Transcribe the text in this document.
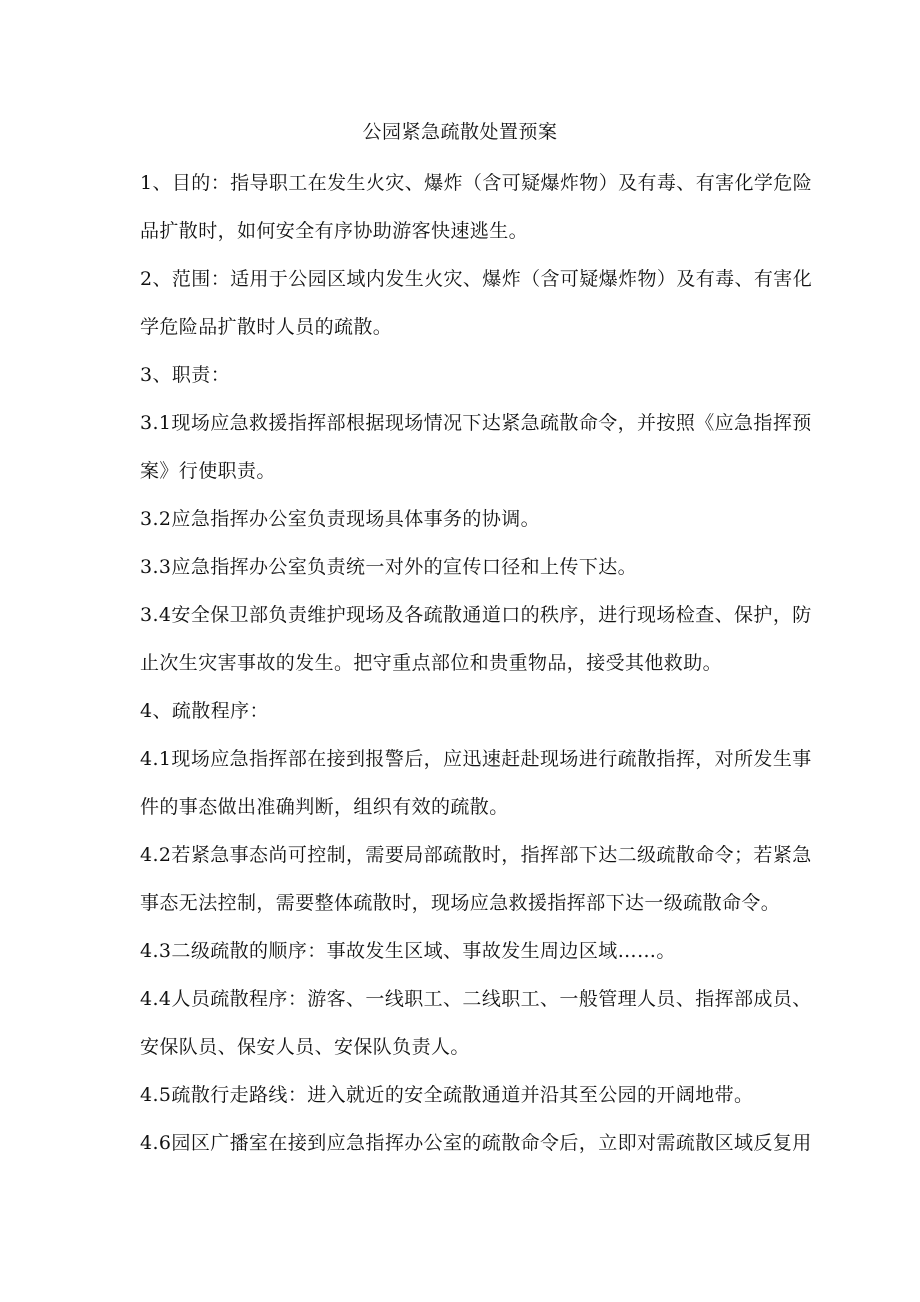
公园紧急疏散处置预案
1、目的：指导职工在发生火灾、爆炸（含可疑爆炸物）及有毒、有害化学危险
品扩散时，如何安全有序协助游客快速逃生。
2、范围：适用于公园区域内发生火灾、爆炸（含可疑爆炸物）及有毒、有害化
学危险品扩散时人员的疏散。
3、职责：
3.1现场应急救援指挥部根据现场情况下达紧急疏散命令，并按照《应急指挥预
案》行使职责。
3.2应急指挥办公室负责现场具体事务的协调。
3.3应急指挥办公室负责统一对外的宣传口径和上传下达。
3.4安全保卫部负责维护现场及各疏散通道口的秩序，进行现场检查、保护，防
止次生灾害事故的发生。把守重点部位和贵重物品，接受其他救助。
4、疏散程序：
4.1现场应急指挥部在接到报警后，应迅速赶赴现场进行疏散指挥，对所发生事
件的事态做出准确判断，组织有效的疏散。
4.2若紧急事态尚可控制，需要局部疏散时，指挥部下达二级疏散命令；若紧急
事态无法控制，需要整体疏散时，现场应急救援指挥部下达一级疏散命令。
4.3二级疏散的顺序：事故发生区域、事故发生周边区域……。
4.4人员疏散程序：游客、一线职工、二线职工、一般管理人员、指挥部成员、
安保队员、保安人员、安保队负责人。
4.5疏散行走路线：进入就近的安全疏散通道并沿其至公园的开阔地带。
4.6园区广播室在接到应急指挥办公室的疏散命令后，立即对需疏散区域反复用
